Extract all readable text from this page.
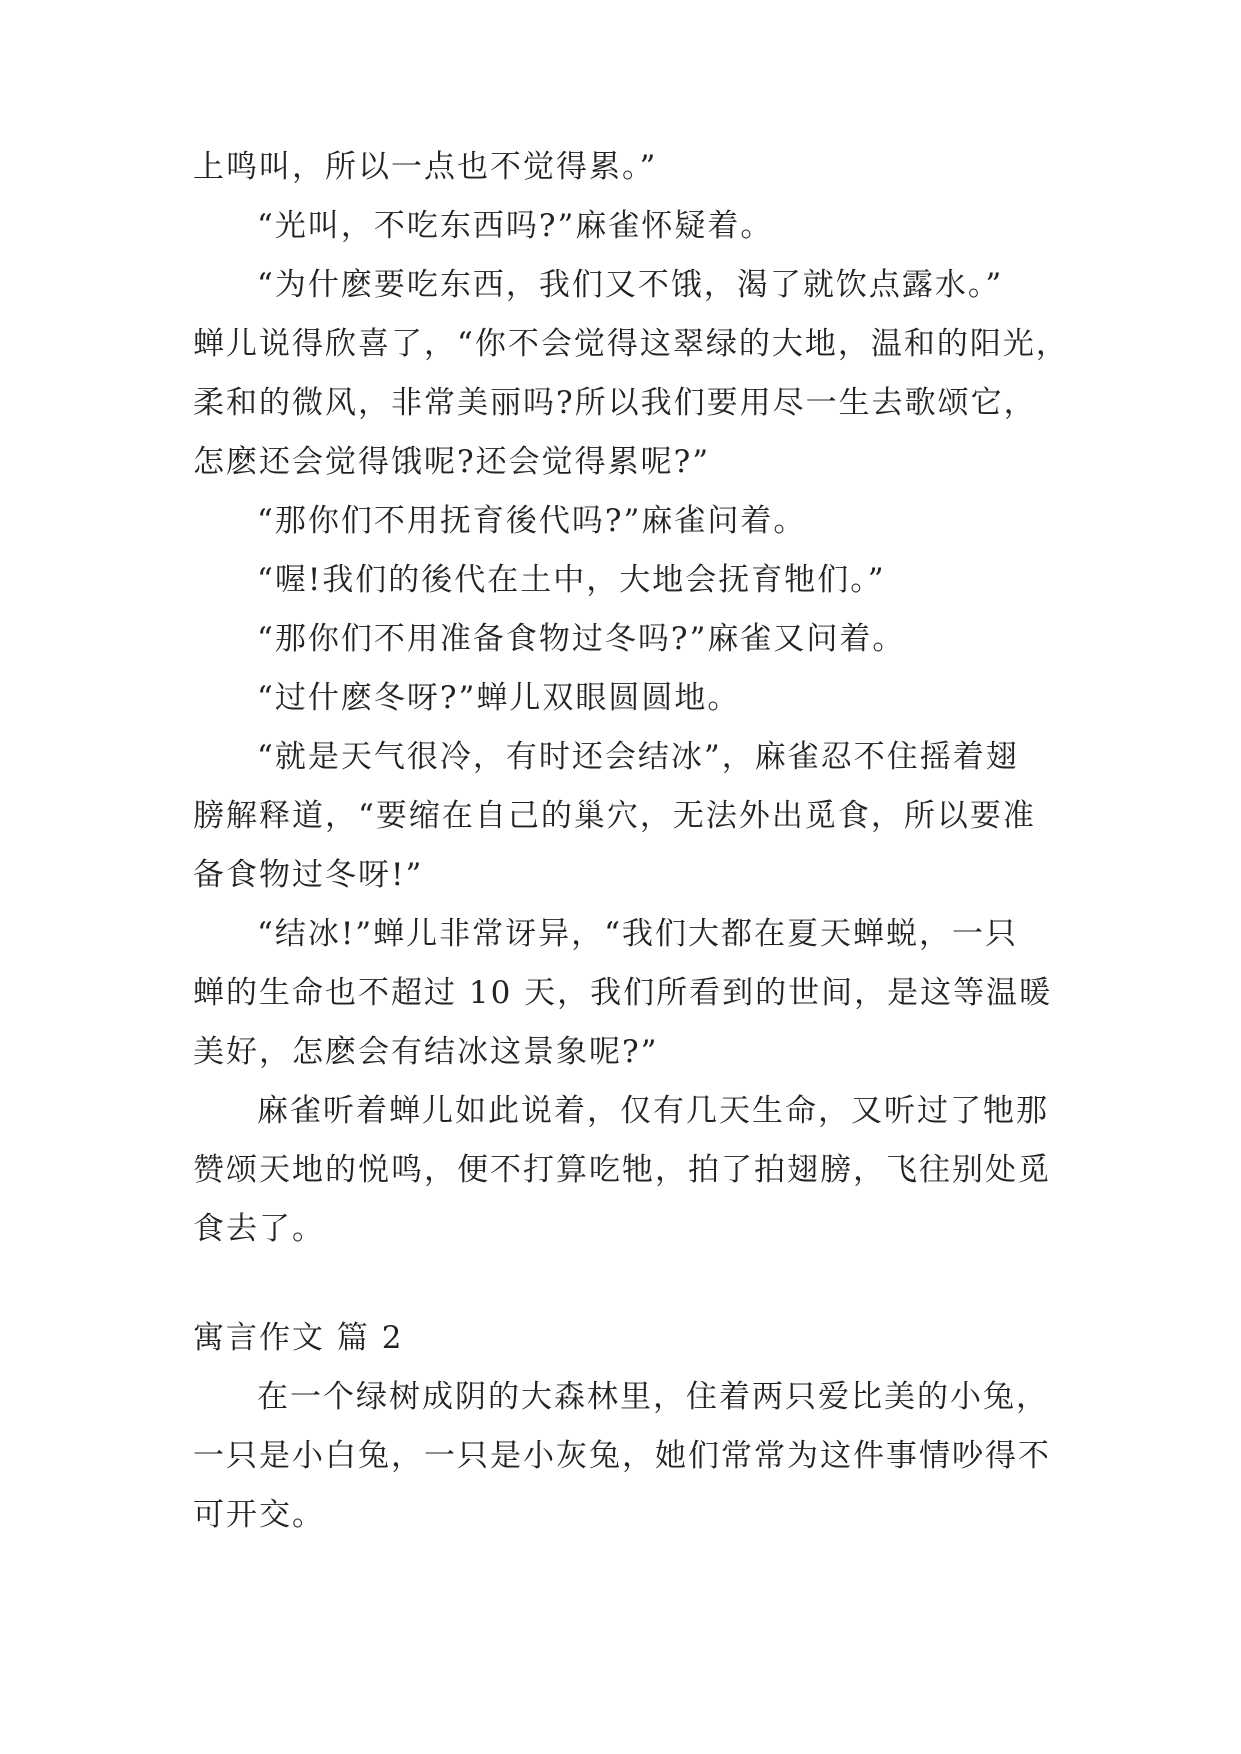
上鸣叫，所以一点也不觉得累。”
“光叫，不吃东西吗?”麻雀怀疑着。
“为什麽要吃东西，我们又不饿，渴了就饮点露水。”
蝉儿说得欣喜了，“你不会觉得这翠绿的大地，温和的阳光，
柔和的微风，非常美丽吗?所以我们要用尽一生去歌颂它，
怎麽还会觉得饿呢?还会觉得累呢?”
“那你们不用抚育後代吗?”麻雀问着。
“喔!我们的後代在土中，大地会抚育牠们。”
“那你们不用准备食物过冬吗?”麻雀又问着。
“过什麽冬呀?”蝉儿双眼圆圆地。
“就是天气很冷，有时还会结冰”，麻雀忍不住摇着翅
膀解释道，“要缩在自己的巢穴，无法外出觅食，所以要准
备食物过冬呀!”
“结冰!”蝉儿非常讶异，“我们大都在夏天蝉蜕，一只
蝉的生命也不超过 10 天，我们所看到的世间，是这等温暖
美好，怎麽会有结冰这景象呢?”
麻雀听着蝉儿如此说着，仅有几天生命，又听过了牠那
赞颂天地的悦鸣，便不打算吃牠，拍了拍翅膀，飞往别处觅
食去了。
寓言作文 篇 2
在一个绿树成阴的大森林里，住着两只爱比美的小兔，
一只是小白兔，一只是小灰兔，她们常常为这件事情吵得不
可开交。
